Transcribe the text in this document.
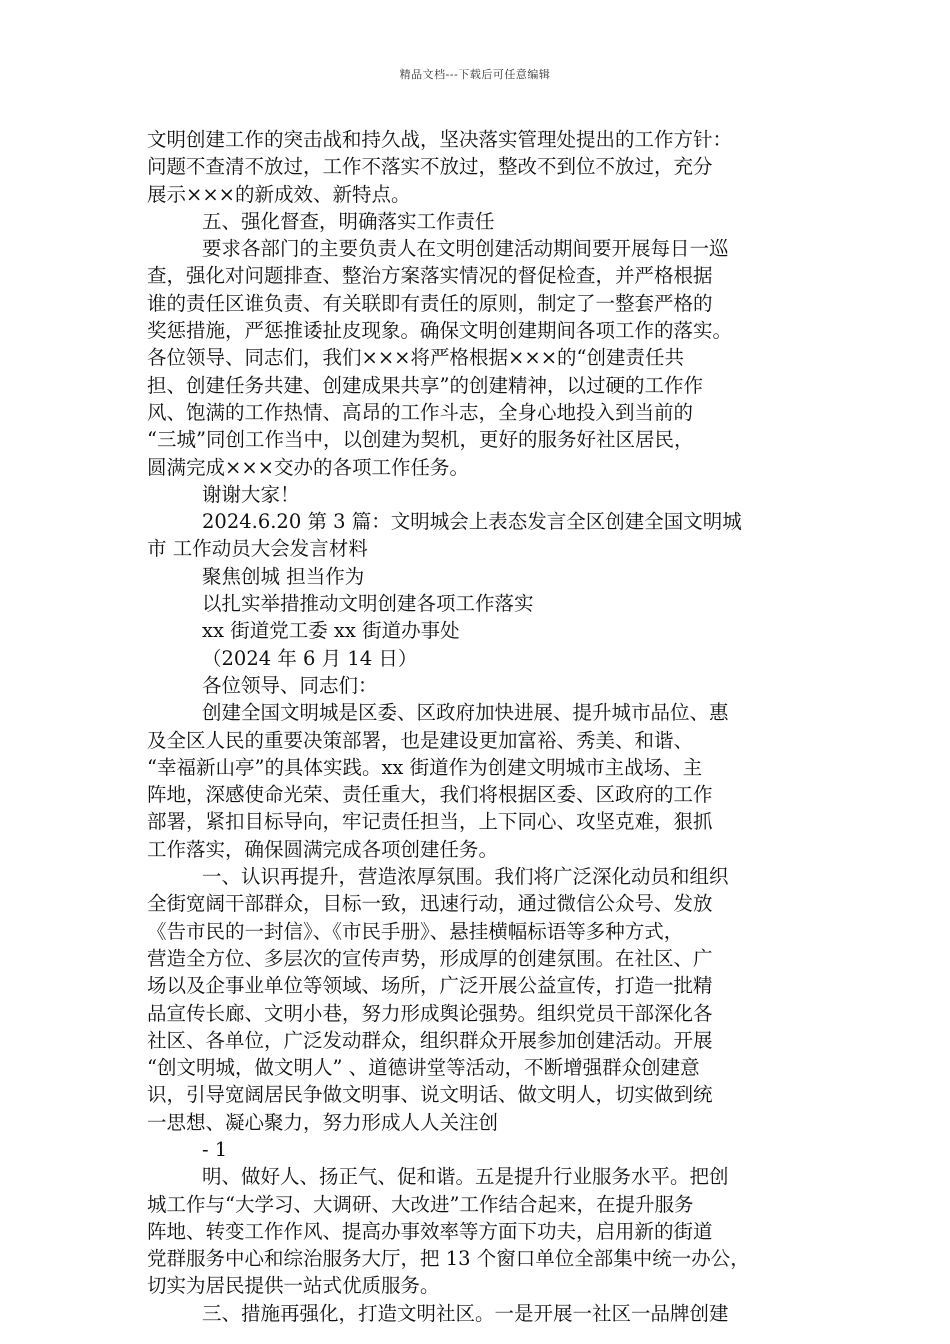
精品文档---下载后可任意编辑
文明创建工作的突击战和持久战，坚决落实管理处提出的工作方针：
问题不查清不放过，工作不落实不放过，整改不到位不放过，充分
展示×××的新成效、新特点。
五、强化督查，明确落实工作责任
要求各部门的主要负责人在文明创建活动期间要开展每日一巡
查，强化对问题排查、整治方案落实情况的督促检查，并严格根据
谁的责任区谁负责、有关联即有责任的原则，制定了一整套严格的
奖惩措施，严惩推诿扯皮现象。确保文明创建期间各项工作的落实。
各位领导、同志们，我们×××将严格根据×××的“创建责任共
担、创建任务共建、创建成果共享”的创建精神，以过硬的工作作
风、饱满的工作热情、高昂的工作斗志，全身心地投入到当前的
“三城”同创工作当中，以创建为契机，更好的服务好社区居民，
圆满完成×××交办的各项工作任务。
谢谢大家！
2024.6.20 第 3 篇：文明城会上表态发言全区创建全国文明城
市 工作动员大会发言材料
聚焦创城 担当作为
以扎实举措推动文明创建各项工作落实
xx 街道党工委 xx 街道办事处
（2024 年 6 月 14 日）
各位领导、同志们：
创建全国文明城是区委、区政府加快进展、提升城市品位、惠
及全区人民的重要决策部署，也是建设更加富裕、秀美、和谐、
“幸福新山亭”的具体实践。xx 街道作为创建文明城市主战场、主
阵地，深感使命光荣、责任重大，我们将根据区委、区政府的工作
部署，紧扣目标导向，牢记责任担当，上下同心、攻坚克难，狠抓
工作落实，确保圆满完成各项创建任务。
一、认识再提升，营造浓厚氛围。我们将广泛深化动员和组织
全街宽阔干部群众，目标一致，迅速行动，通过微信公众号、发放
《告市民的一封信》、《市民手册》、悬挂横幅标语等多种方式，
营造全方位、多层次的宣传声势，形成厚的创建氛围。在社区、广
场以及企事业单位等领域、场所，广泛开展公益宣传，打造一批精
品宣传长廊、文明小巷，努力形成舆论强势。组织党员干部深化各
社区、各单位，广泛发动群众，组织群众开展参加创建活动。开展
“创文明城，做文明人” 、道德讲堂等活动，不断增强群众创建意
识，引导宽阔居民争做文明事、说文明话、做文明人，切实做到统
一思想、凝心聚力，努力形成人人关注创
- 1
明、做好人、扬正气、促和谐。五是提升行业服务水平。把创
城工作与“大学习、大调研、大改进”工作结合起来，在提升服务
阵地、转变工作作风、提高办事效率等方面下功夫，启用新的街道
党群服务中心和综治服务大厅，把 13 个窗口单位全部集中统一办公，
切实为居民提供一站式优质服务。
三、措施再强化，打造文明社区。一是开展一社区一品牌创建
